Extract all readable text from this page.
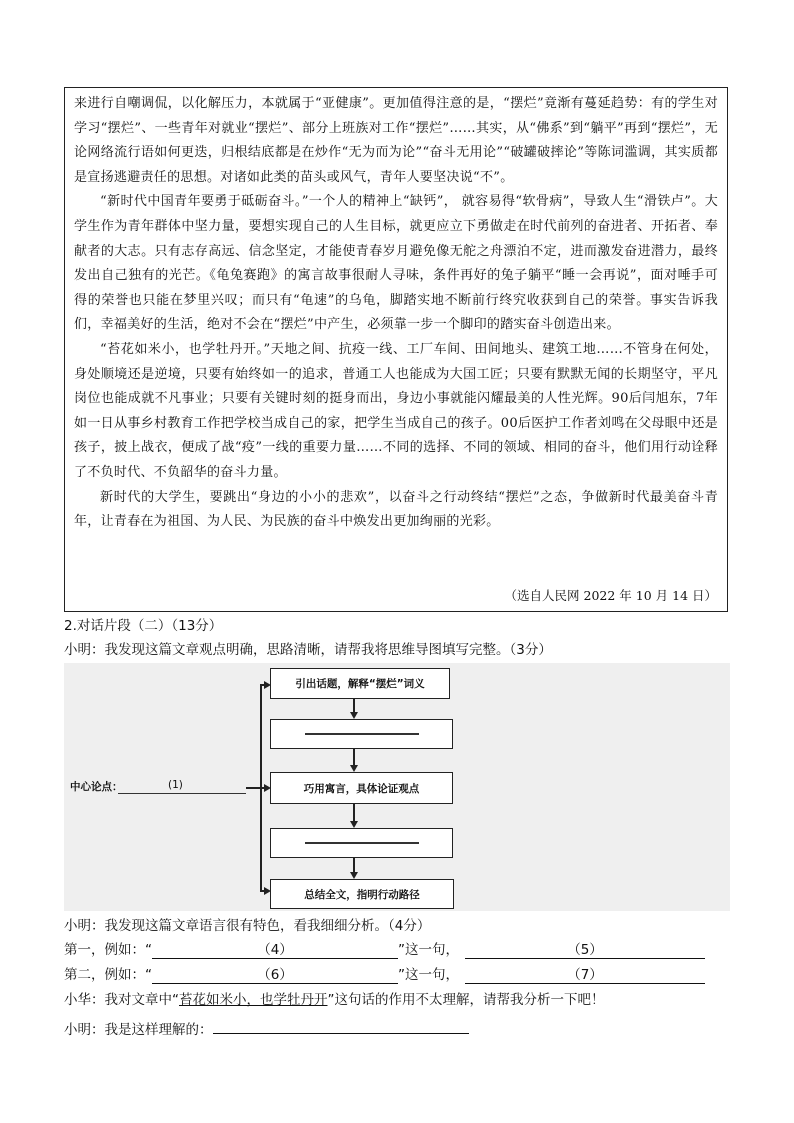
来进行自嘲调侃，以化解压力，本就属于“亚健康”。更加值得注意的是，“摆烂”竟渐有蔓延趋势：有的学生对学习“摆烂”、一些青年对就业“摆烂”、部分上班族对工作“摆烂”……其实，从“佛系”到“躺平”再到“摆烂”，无论网络流行语如何更迭，归根结底都是在炒作“无为而为论”“奋斗无用论”“破罐破摔论”等陈词滥调，其实质都是宣扬逃避责任的思想。对诸如此类的苗头或风气，青年人要坚决说“不”。

“新时代中国青年要勇于砥砺奋斗。”一个人的精神上“缺钙”， 就容易得“软骨病”，导致人生“滑铁卢”。大学生作为青年群体中坚力量，要想实现自己的人生目标，就更应立下勇做走在时代前列的奋进者、开拓者、奉献者的大志。只有志存高远、信念坚定，才能使青春岁月避免像无舵之舟漂泊不定，进而激发奋进潜力，最终发出自己独有的光芒。《龟兔赛跑》的寓言故事很耐人寻味，条件再好的兔子躺平“睡一会再说”，面对唾手可得的荣誉也只能在梦里兴叹；而只有“龟速”的乌龟，脚踏实地不断前行终究收获到自己的荣誉。事实告诉我们，幸福美好的生活，绝对不会在“摆烂”中产生，必须靠一步一个脚印的踏实奋斗创造出来。

“苔花如米小，也学牡丹开。”天地之间、抗疫一线、工厂车间、田间地头、建筑工地……不管身在何处，身处顺境还是逆境，只要有始终如一的追求，普通工人也能成为大国工匠；只要有默默无闻的长期坚守，平凡岗位也能成就不凡事业；只要有关键时刻的挺身而出，身边小事就能闪耀最美的人性光辉。90后闫旭东，7年如一日从事乡村教育工作把学校当成自己的家，把学生当成自己的孩子。00后医护工作者刘鸣在父母眼中还是孩子，披上战衣，便成了战“疫”一线的重要力量……不同的选择、不同的领域、相同的奋斗，他们用行动诠释了不负时代、不负韶华的奋斗力量。

新时代的大学生，要跳出“身边的小小的悲欢”，以奋斗之行动终结“摆烂”之态，争做新时代最美奋斗青年，让青春在为祖国、为人民、为民族的奋斗中焕发出更加绚丽的光彩。

（选自人民网 2022 年 10 月 14 日）
2.对话片段（二）（13分）
小明：我发现这篇文章观点明确，思路清晰，请帮我将思维导图填写完整。（3分）
中心论点：	(1)
引出话题，解释“摆烂”词义
巧用寓言，具体论证观点
总结全文，指明行动路径
小明：我发现这篇文章语言很有特色，看我细细分析。（4分）
第一，例如：“	（4）	”这一句，	（5）
第二，例如：“	（6）	”这一句，	（7）
小华：我对文章中“苔花如米小，也学牡丹开”这句话的作用不太理解，请帮我分析一下吧！
小明：我是这样理解的：
